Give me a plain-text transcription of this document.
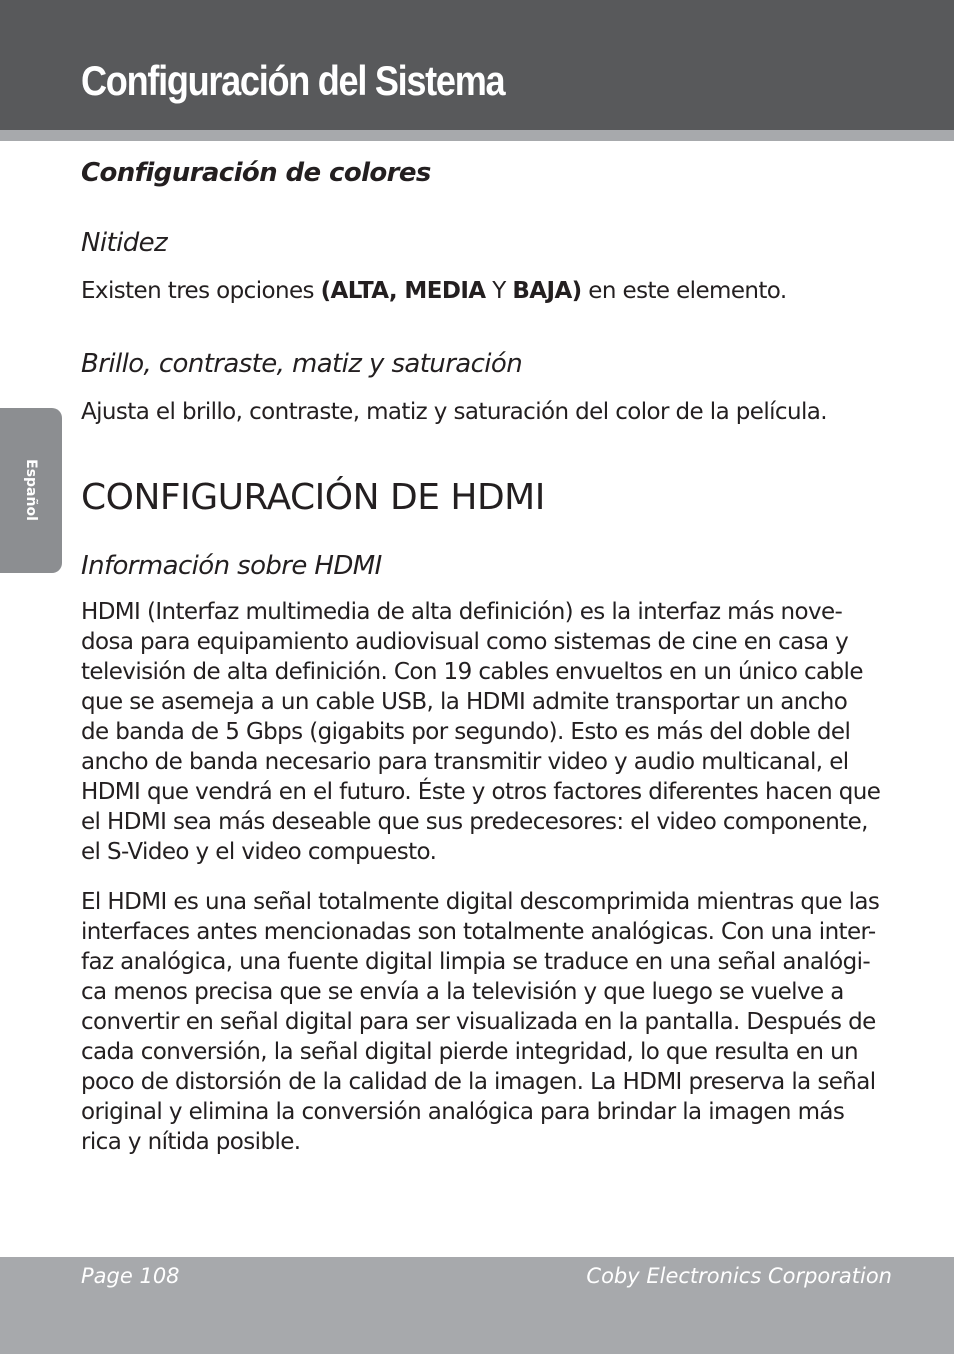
Configuración del Sistema
Español
Configuración de colores
Nitidez

Existen tres opciones (ALTA, MEDIA Y BAJA) en este elemento.

Brillo, contraste, matiz y saturación

Ajusta el brillo, contraste, matiz y saturación del color de la película.

CONFIGURACIÓN DE HDMI
Información sobre HDMI

HDMI (Interfaz multimedia de alta definición) es la interfaz más nove-
dosa para equipamiento audiovisual como sistemas de cine en casa y
televisión de alta definición. Con 19 cables envueltos en un único cable
que se asemeja a un cable USB, la HDMI admite transportar un ancho
de banda de 5 Gbps (gigabits por segundo). Esto es más del doble del
ancho de banda necesario para transmitir video y audio multicanal, el
HDMI que vendrá en el futuro. Éste y otros factores diferentes hacen que
el HDMI sea más deseable que sus predecesores: el video componente,
el S-Video y el video compuesto.

El HDMI es una señal totalmente digital descomprimida mientras que las
interfaces antes mencionadas son totalmente analógicas. Con una inter-
faz analógica, una fuente digital limpia se traduce en una señal analógi-
ca menos precisa que se envía a la televisión y que luego se vuelve a
convertir en señal digital para ser visualizada en la pantalla. Después de
cada conversión, la señal digital pierde integridad, lo que resulta en un
poco de distorsión de la calidad de la imagen. La HDMI preserva la señal
original y elimina la conversión analógica para brindar la imagen más
rica y nítida posible.

Page 108	Coby Electronics Corporation
